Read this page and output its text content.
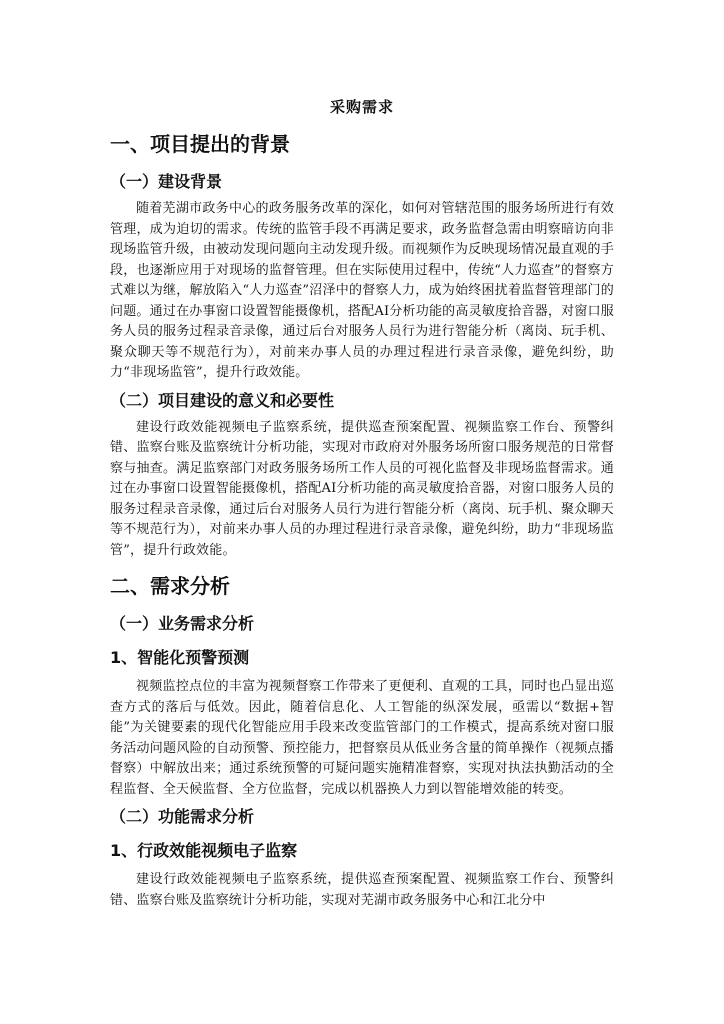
采购需求
一、项目提出的背景
（一）建设背景

随着芜湖市政务中心的政务服务改革的深化，如何对管辖范围的服务场所进行有效管理，成为迫切的需求。传统的监管手段不再满足要求，政务监督急需由明察暗访向非现场监管升级，由被动发现问题向主动发现升级。而视频作为反映现场情况最直观的手段，也逐渐应用于对现场的监督管理。但在实际使用过程中，传统“人力巡查”的督察方式难以为继，解放陷入“人力巡查”沼泽中的督察人力，成为始终困扰着监督管理部门的问题。通过在办事窗口设置智能摄像机，搭配AI分析功能的高灵敏度拾音器，对窗口服务人员的服务过程录音录像，通过后台对服务人员行为进行智能分析（离岗、玩手机、聚众聊天等不规范行为），对前来办事人员的办理过程进行录音录像，避免纠纷，助力“非现场监管”，提升行政效能。

（二）项目建设的意义和必要性

建设行政效能视频电子监察系统，提供巡查预案配置、视频监察工作台、预警纠错、监察台账及监察统计分析功能，实现对市政府对外服务场所窗口服务规范的日常督察与抽查。满足监察部门对政务服务场所工作人员的可视化监督及非现场监督需求。通过在办事窗口设置智能摄像机，搭配AI分析功能的高灵敏度拾音器，对窗口服务人员的服务过程录音录像，通过后台对服务人员行为进行智能分析（离岗、玩手机、聚众聊天等不规范行为），对前来办事人员的办理过程进行录音录像，避免纠纷，助力“非现场监管”，提升行政效能。

二、需求分析
（一）业务需求分析
1、智能化预警预测

视频监控点位的丰富为视频督察工作带来了更便利、直观的工具，同时也凸显出巡查方式的落后与低效。因此，随着信息化、人工智能的纵深发展，亟需以“数据+智能”为关键要素的现代化智能应用手段来改变监管部门的工作模式，提高系统对窗口服务活动问题风险的自动预警、预控能力，把督察员从低业务含量的简单操作（视频点播督察）中解放出来；通过系统预警的可疑问题实施精准督察，实现对执法执勤活动的全程监督、全天候监督、全方位监督，完成以机器换人力到以智能增效能的转变。

（二）功能需求分析
1、行政效能视频电子监察

建设行政效能视频电子监察系统，提供巡查预案配置、视频监察工作台、预警纠错、监察台账及监察统计分析功能，实现对芜湖市政务服务中心和江北分中
